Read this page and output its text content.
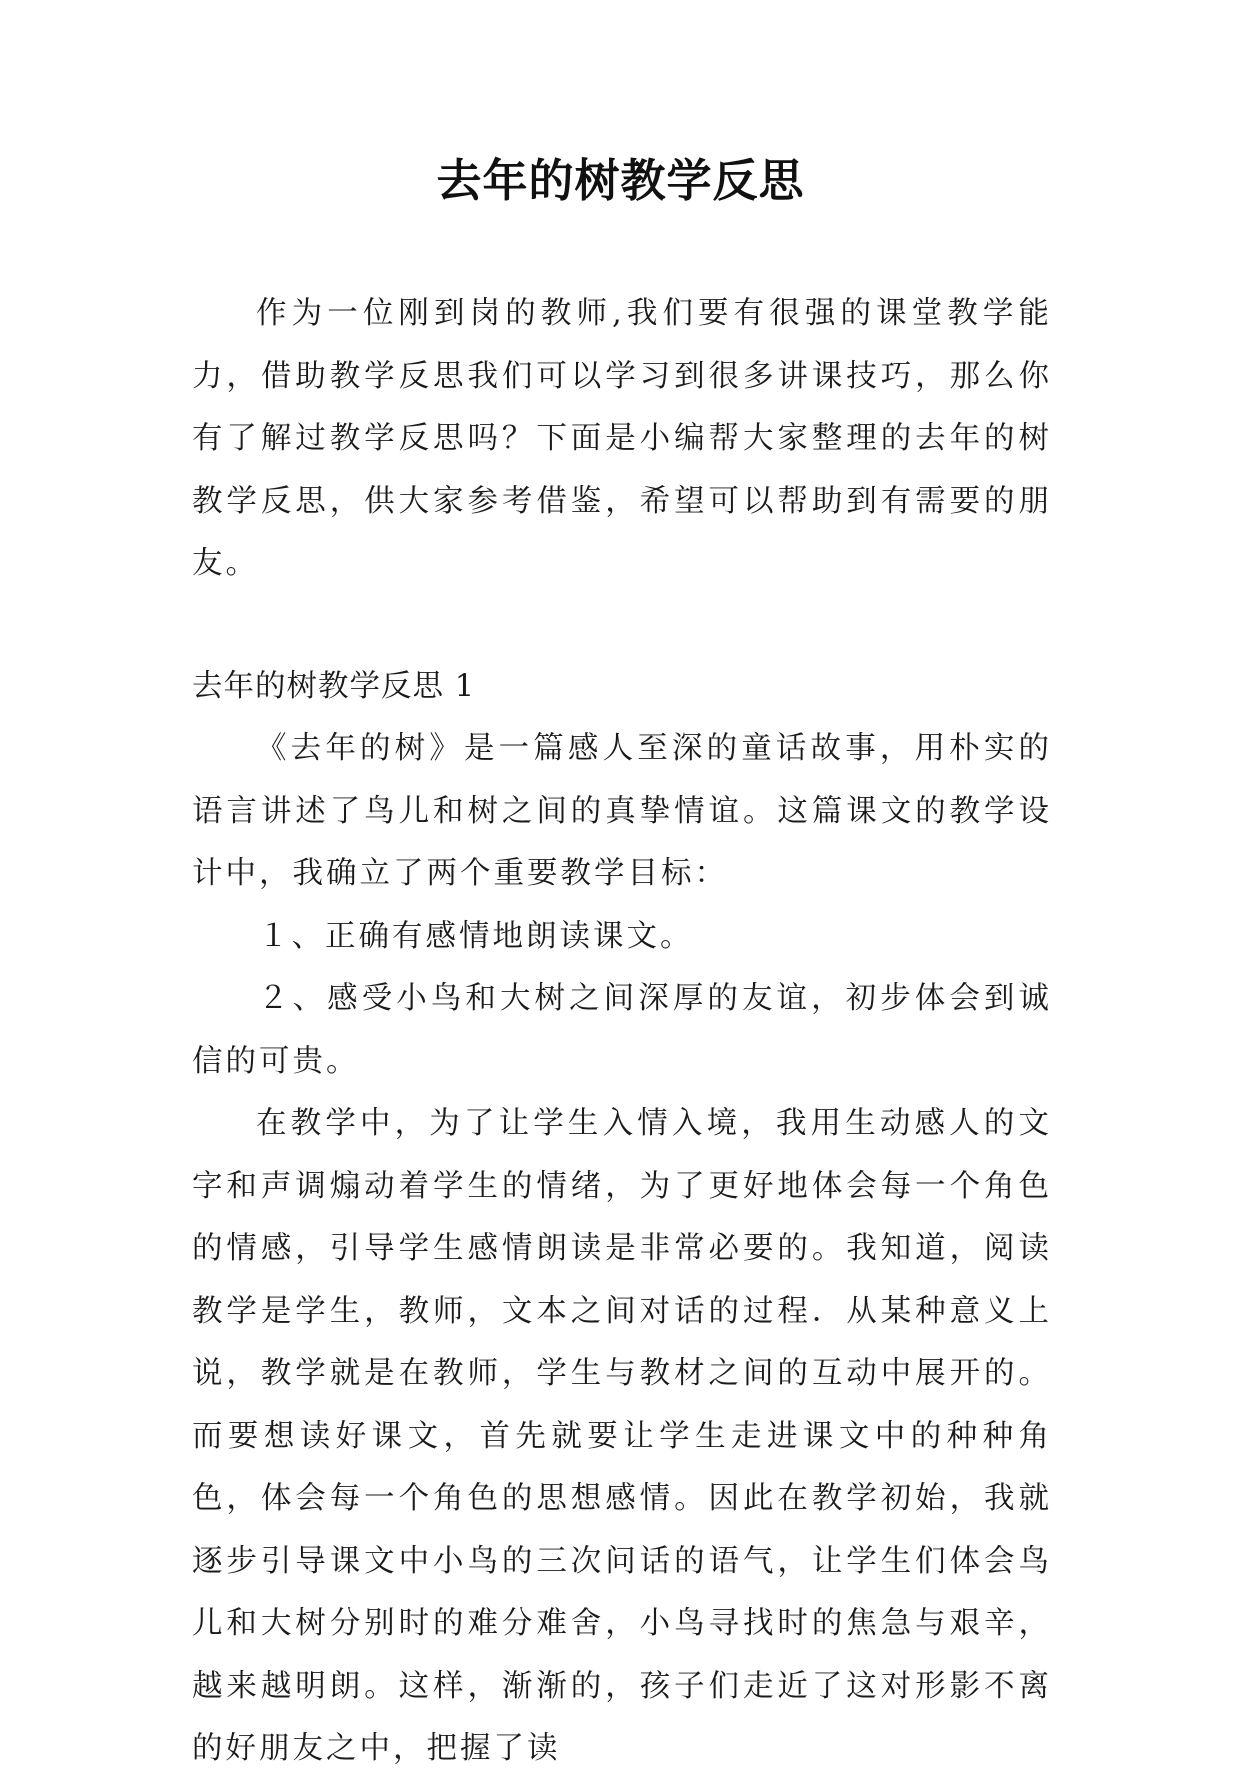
去年的树教学反思

作为一位刚到岗的教师,我们要有很强的课堂教学能力，借助教学反思我们可以学习到很多讲课技巧，那么你有了解过教学反思吗？下面是小编帮大家整理的去年的树教学反思，供大家参考借鉴，希望可以帮助到有需要的朋友。

去年的树教学反思 1

《去年的树》是一篇感人至深的童话故事，用朴实的语言讲述了鸟儿和树之间的真挚情谊。这篇课文的教学设计中，我确立了两个重要教学目标：

１、正确有感情地朗读课文。

２、感受小鸟和大树之间深厚的友谊，初步体会到诚信的可贵。

在教学中，为了让学生入情入境，我用生动感人的文字和声调煽动着学生的情绪，为了更好地体会每一个角色的情感，引导学生感情朗读是非常必要的。我知道，阅读教学是学生，教师，文本之间对话的过程．从某种意义上说，教学就是在教师，学生与教材之间的互动中展开的。而要想读好课文，首先就要让学生走进课文中的种种角色，体会每一个角色的思想感情。因此在教学初始，我就逐步引导课文中小鸟的三次问话的语气，让学生们体会鸟儿和大树分别时的难分难舍，小鸟寻找时的焦急与艰辛，越来越明朗。这样，渐渐的，孩子们走近了这对形影不离的好朋友之中，把握了读
